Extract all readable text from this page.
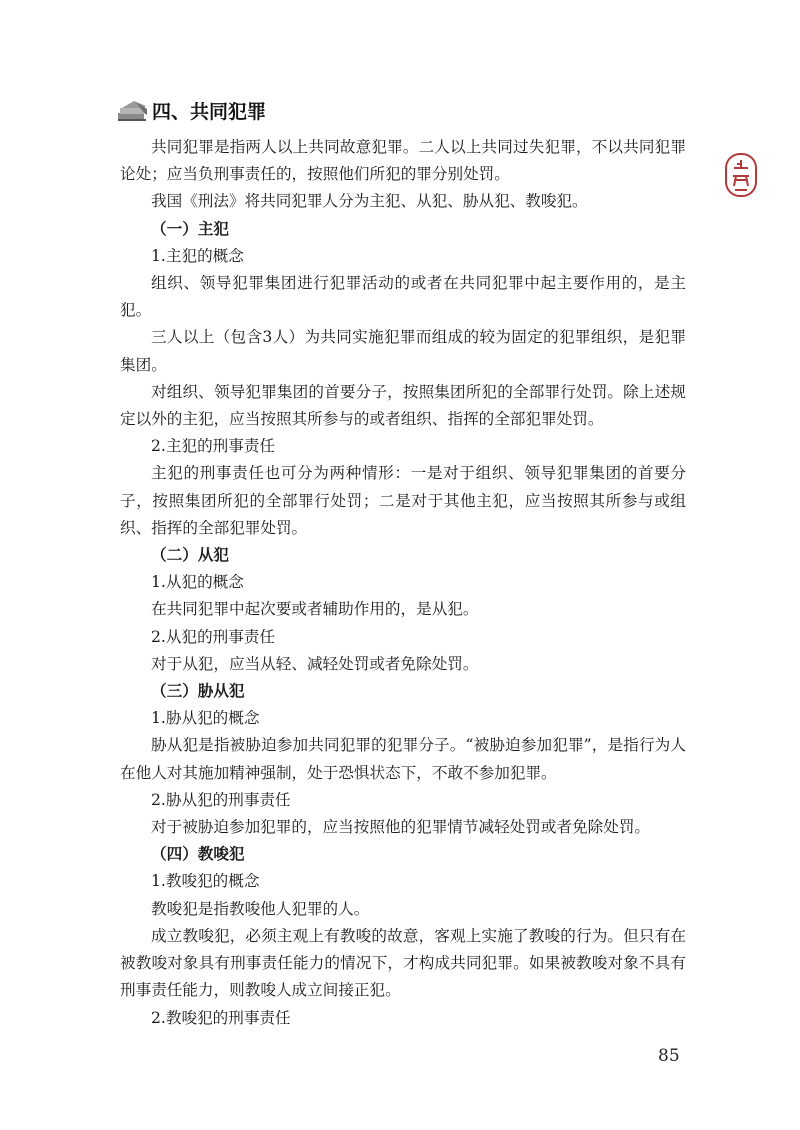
四、共同犯罪

共同犯罪是指两人以上共同故意犯罪。二人以上共同过失犯罪，不以共同犯罪论处；应当负刑事责任的，按照他们所犯的罪分别处罚。

我国《刑法》将共同犯罪人分为主犯、从犯、胁从犯、教唆犯。

（一）主犯

1.主犯的概念

组织、领导犯罪集团进行犯罪活动的或者在共同犯罪中起主要作用的，是主犯。

三人以上（包含3人）为共同实施犯罪而组成的较为固定的犯罪组织，是犯罪集团。

对组织、领导犯罪集团的首要分子，按照集团所犯的全部罪行处罚。除上述规定以外的主犯，应当按照其所参与的或者组织、指挥的全部犯罪处罚。

2.主犯的刑事责任

主犯的刑事责任也可分为两种情形：一是对于组织、领导犯罪集团的首要分子，按照集团所犯的全部罪行处罚；二是对于其他主犯，应当按照其所参与或组织、指挥的全部犯罪处罚。

（二）从犯

1.从犯的概念

在共同犯罪中起次要或者辅助作用的，是从犯。

2.从犯的刑事责任

对于从犯，应当从轻、减轻处罚或者免除处罚。

（三）胁从犯

1.胁从犯的概念

胁从犯是指被胁迫参加共同犯罪的犯罪分子。“被胁迫参加犯罪”，是指行为人在他人对其施加精神强制，处于恐惧状态下，不敢不参加犯罪。

2.胁从犯的刑事责任

对于被胁迫参加犯罪的，应当按照他的犯罪情节减轻处罚或者免除处罚。

（四）教唆犯

1.教唆犯的概念

教唆犯是指教唆他人犯罪的人。

成立教唆犯，必须主观上有教唆的故意，客观上实施了教唆的行为。但只有在被教唆对象具有刑事责任能力的情况下，才构成共同犯罪。如果被教唆对象不具有刑事责任能力，则教唆人成立间接正犯。

2.教唆犯的刑事责任

85
